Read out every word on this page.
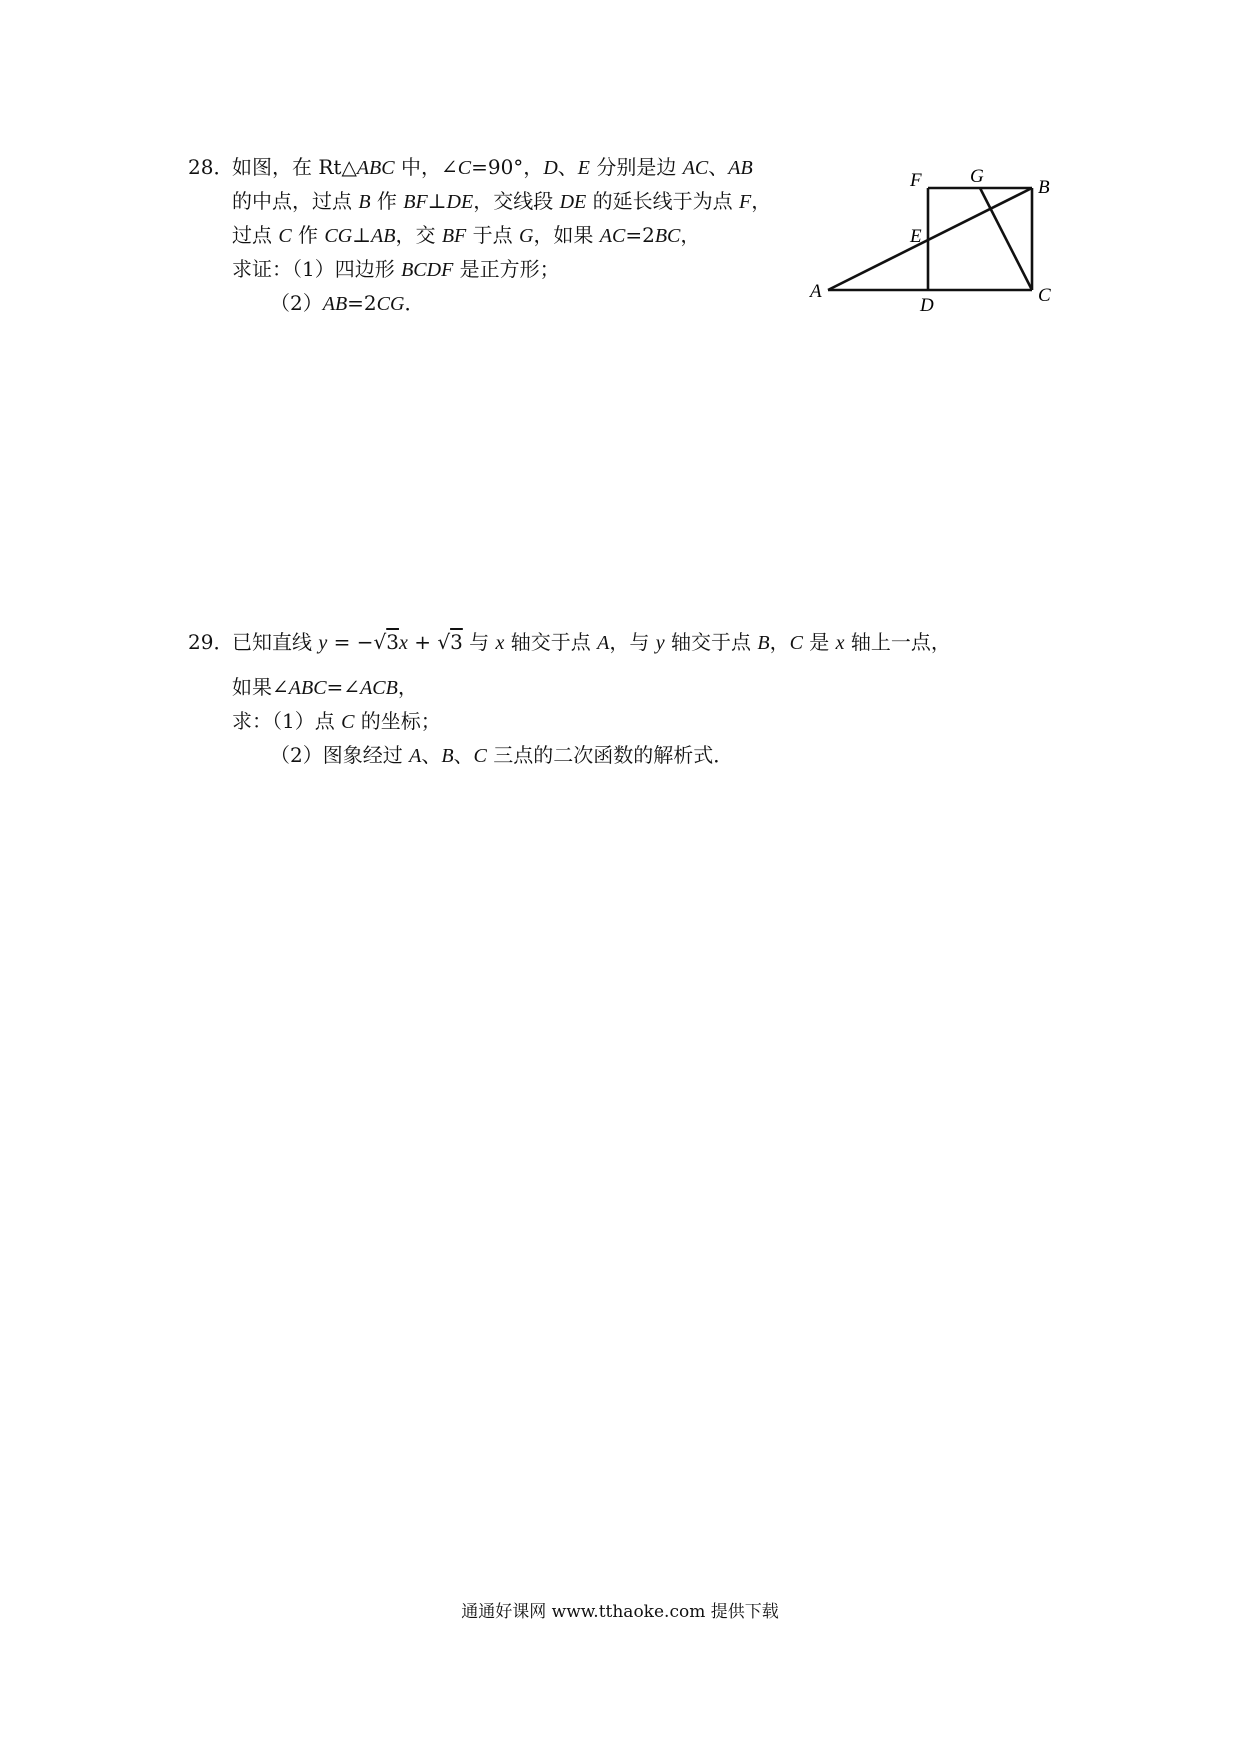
28．如图，在 Rt△ABC 中，∠C=90°，D、E 分别是边 AC、AB
的中点，过点 B 作 BF⊥DE，交线段 DE 的延长线于为点 F，
过点 C 作 CG⊥AB，交 BF 于点 G，如果 AC=2BC，
求证：（1）四边形 BCDF 是正方形；
（2）AB=2CG．
F	G
B
E
A
D	C
29．已知直线 y = −√3x + √3 与 x 轴交于点 A，与 y 轴交于点 B，C 是 x 轴上一点，
如果∠ABC=∠ACB，
求：（1）点 C 的坐标；
（2）图象经过 A、B、C 三点的二次函数的解析式．
通通好课网 www.tthaoke.com 提供下载
